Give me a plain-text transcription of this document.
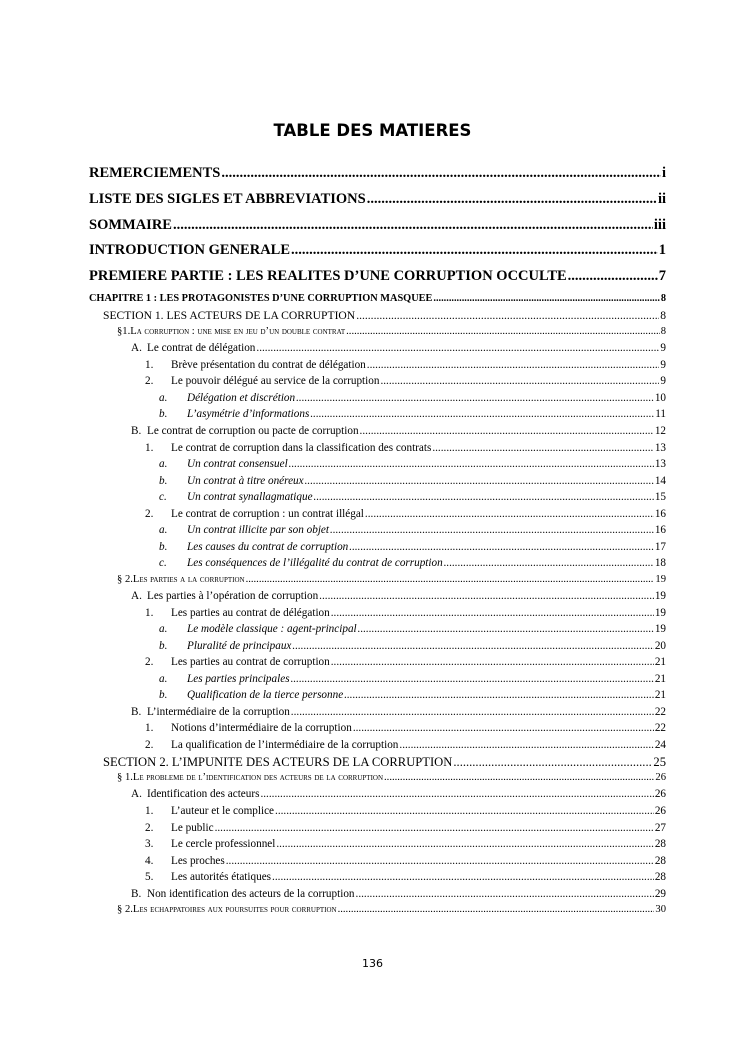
TABLE DES MATIERES
REMERCIEMENTS .....	i
LISTE DES SIGLES ET ABBREVIATIONS .....	ii
SOMMAIRE .....	iii
INTRODUCTION GENERALE .....	1
PREMIERE PARTIE : LES REALITES D’UNE CORRUPTION OCCULTE .....	7
CHAPITRE 1 : LES PROTAGONISTES D’UNE CORRUPTION MASQUEE .....	8
SECTION 1. LES ACTEURS DE LA CORRUPTION .....	8
§1. La corruption : une mise en jeu d’un double contrat .....	8
A. Le contrat de délégation .....	9
1.	Brève présentation du contrat de délégation .....	9
2.	Le pouvoir délégué au service de la corruption .....	9
a.	Délégation et discrétion .....	10
b.	L’asymétrie d’informations .....	11
B. Le contrat de corruption ou pacte de corruption .....	12
1.	Le contrat de corruption dans la classification des contrats .....	13
a.	Un contrat consensuel .....	13
b.	Un contrat à titre onéreux .....	14
c.	Un contrat synallagmatique .....	15
2.	Le contrat de corruption : un contrat illégal .....	16
a.	Un contrat illicite par son objet .....	16
b.	Les causes du contrat de corruption .....	17
c.	Les conséquences de l’illégalité du contrat de corruption .....	18
§ 2. Les parties a la corruption .....	19
A. Les parties à l’opération de corruption .....	19
1.	Les parties au contrat de délégation .....	19
a.	Le modèle classique : agent-principal .....	19
b.	Pluralité de principaux .....	20
2.	Les parties au contrat de corruption .....	21
a.	Les parties principales .....	21
b.	Qualification de la tierce personne .....	21
B. L’intermédiaire de la corruption .....	22
1.	Notions d’intermédiaire de la corruption .....	22
2.	La qualification de l’intermédiaire de la corruption .....	24
SECTION 2. L’IMPUNITE DES ACTEURS DE LA CORRUPTION .....	25
§ 1. Le probleme de l’identification des acteurs de la corruption .....	26
A. Identification des acteurs .....	26
1.	L’auteur et le complice .....	26
2.	Le public .....	27
3.	Le cercle professionnel .....	28
4.	Les proches .....	28
5.	Les autorités étatiques .....	28
B. Non identification des acteurs de la corruption .....	29
§ 2. Les echappatoires aux poursuites pour corruption .....	30
136
